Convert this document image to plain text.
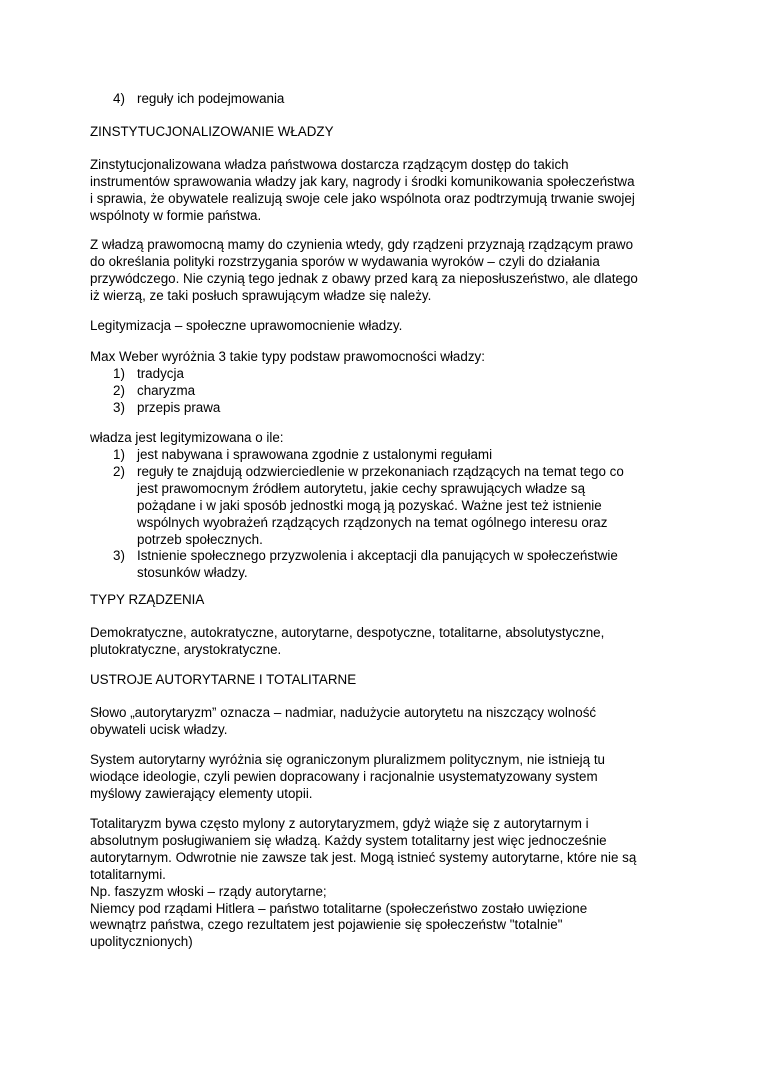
4) reguły ich podejmowania

ZINSTYTUCJONALIZOWANIE WŁADZY

Zinstytucjonalizowana władza państwowa dostarcza rządzącym dostęp do takich
instrumentów sprawowania władzy jak kary, nagrody i środki komunikowania społeczeństwa
i sprawia, że obywatele realizują swoje cele jako wspólnota oraz podtrzymują trwanie swojej
wspólnoty w formie państwa.

Z władzą prawomocną mamy do czynienia wtedy, gdy rządzeni przyznają rządzącym prawo
do określania polityki rozstrzygania sporów w wydawania wyroków – czyli do działania
przywódczego. Nie czynią tego jednak z obawy przed karą za nieposłuszeństwo, ale dlatego
iż wierzą, ze taki posłuch sprawującym władze się należy.

Legitymizacja – społeczne uprawomocnienie władzy.

Max Weber wyróżnia 3 takie typy podstaw prawomocności władzy:

1) tradycja
2) charyzma
3) przepis prawa

władza jest legitymizowana o ile:

1) jest nabywana i sprawowana zgodnie z ustalonymi regułami
2) reguły te znajdują odzwierciedlenie w przekonaniach rządzących na temat tego co
jest prawomocnym źródłem autorytetu, jakie cechy sprawujących władze są
pożądane i w jaki sposób jednostki mogą ją pozyskać. Ważne jest też istnienie
wspólnych wyobrażeń rządzących rządzonych na temat ogólnego interesu oraz
potrzeb społecznych.
3) Istnienie społecznego przyzwolenia i akceptacji dla panujących w społeczeństwie
stosunków władzy.

TYPY RZĄDZENIA

Demokratyczne, autokratyczne, autorytarne, despotyczne, totalitarne, absolutystyczne,
plutokratyczne, arystokratyczne.

USTROJE AUTORYTARNE I TOTALITARNE

Słowo „autorytaryzm” oznacza – nadmiar, nadużycie autorytetu na niszczący wolność
obywateli ucisk władzy.

System autorytarny wyróżnia się ograniczonym pluralizmem politycznym, nie istnieją tu
wiodące ideologie, czyli pewien dopracowany i racjonalnie usystematyzowany system
myślowy zawierający elementy utopii.

Totalitaryzm bywa często mylony z autorytaryzmem, gdyż wiąże się z autorytarnym i
absolutnym posługiwaniem się władzą. Każdy system totalitarny jest więc jednocześnie
autorytarnym. Odwrotnie nie zawsze tak jest. Mogą istnieć systemy autorytarne, które nie są
totalitarnymi.
Np. faszyzm włoski – rządy autorytarne;
Niemcy pod rządami Hitlera – państwo totalitarne (społeczeństwo zostało uwięzione
wewnątrz państwa, czego rezultatem jest pojawienie się społeczeństw "totalnie"
upolitycznionych)
